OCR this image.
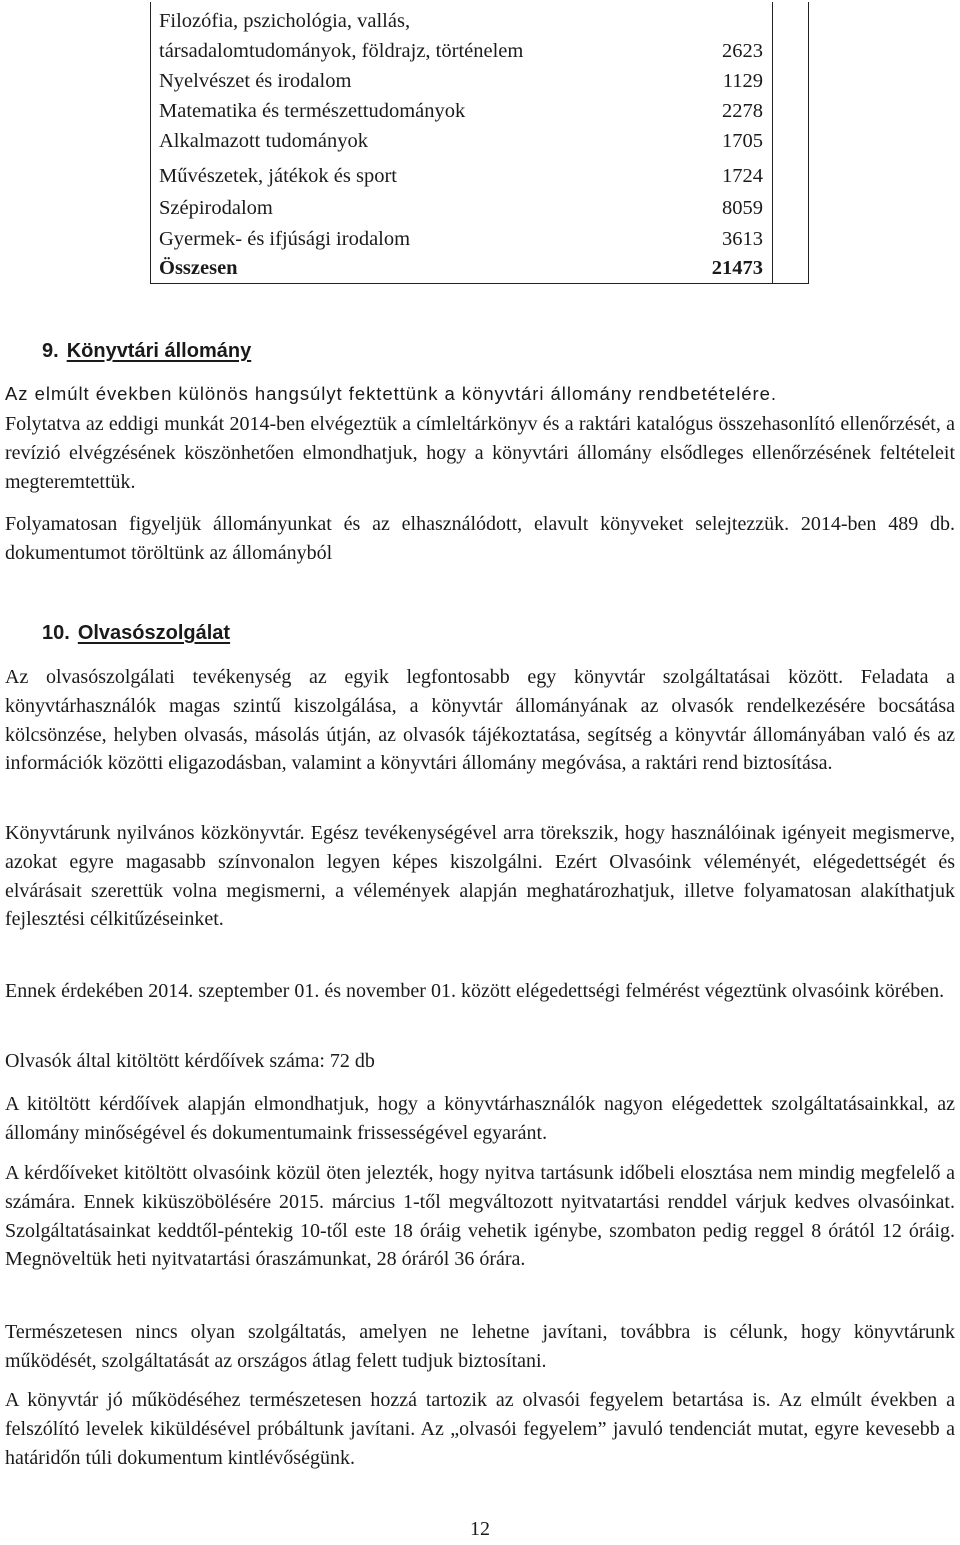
Filozófia, pszichológia, vallás,
társadalomtudományok, földrajz, történelem	2623
Nyelvészet és irodalom	1129
Matematika és természettudományok	2278
Alkalmazott tudományok	1705
Művészetek, játékok és sport	1724
Szépirodalom	8059
Gyermek- és ifjúsági irodalom	3613
Összesen	21473
9. Könyvtári állomány
Az elmúlt években különös hangsúlyt fektettünk a könyvtári állomány rendbetételére.
Folytatva az eddigi munkát 2014-ben elvégeztük a címleltárkönyv és a raktári katalógus összehasonlító ellenőrzését, a revízió elvégzésének köszönhetően elmondhatjuk, hogy a könyvtári állomány elsődleges ellenőrzésének feltételeit megteremtettük.
Folyamatosan figyeljük állományunkat és az elhasználódott, elavult könyveket selejtezzük. 2014-ben 489 db. dokumentumot töröltünk az állományból
10. Olvasószolgálat
Az olvasószolgálati tevékenység az egyik legfontosabb egy könyvtár szolgáltatásai között. Feladata a könyvtárhasználók magas szintű kiszolgálása, a könyvtár állományának az olvasók rendelkezésére bocsátása kölcsönzése, helyben olvasás, másolás útján, az olvasók tájékoztatása, segítség a könyvtár állományában való és az információk közötti eligazodásban, valamint a könyvtári állomány megóvása, a raktári rend biztosítása.
Könyvtárunk nyilvános közkönyvtár. Egész tevékenységével arra törekszik, hogy használóinak igényeit megismerve, azokat egyre magasabb színvonalon legyen képes kiszolgálni. Ezért Olvasóink véleményét, elégedettségét és elvárásait szerettük volna megismerni, a vélemények alapján meghatározhatjuk, illetve folyamatosan alakíthatjuk fejlesztési célkitűzéseinket.
Ennek érdekében 2014. szeptember 01. és november 01. között elégedettségi felmérést végeztünk olvasóink körében.
Olvasók által kitöltött kérdőívek száma: 72 db
A kitöltött kérdőívek alapján elmondhatjuk, hogy a könyvtárhasználók nagyon elégedettek szolgáltatásainkkal, az állomány minőségével és dokumentumaink frissességével egyaránt.
A kérdőíveket kitöltött olvasóink közül öten jelezték, hogy nyitva tartásunk időbeli elosztása nem mindig megfelelő a számára. Ennek kiküszöbölésére 2015. március 1-től megváltozott nyitvatartási renddel várjuk kedves olvasóinkat. Szolgáltatásainkat keddtől-péntekig 10-től este 18 óráig vehetik igénybe, szombaton pedig reggel 8 órától 12 óráig. Megnöveltük heti nyitvatartási óraszámunkat, 28 óráról 36 órára.
Természetesen nincs olyan szolgáltatás, amelyen ne lehetne javítani, továbbra is célunk, hogy könyvtárunk működését, szolgáltatását az országos átlag felett tudjuk biztosítani.
A könyvtár jó működéséhez természetesen hozzá tartozik az olvasói fegyelem betartása is. Az elmúlt években a felszólító levelek kiküldésével próbáltunk javítani. Az „olvasói fegyelem” javuló tendenciát mutat, egyre kevesebb a határidőn túli dokumentum kintlévőségünk.
12
